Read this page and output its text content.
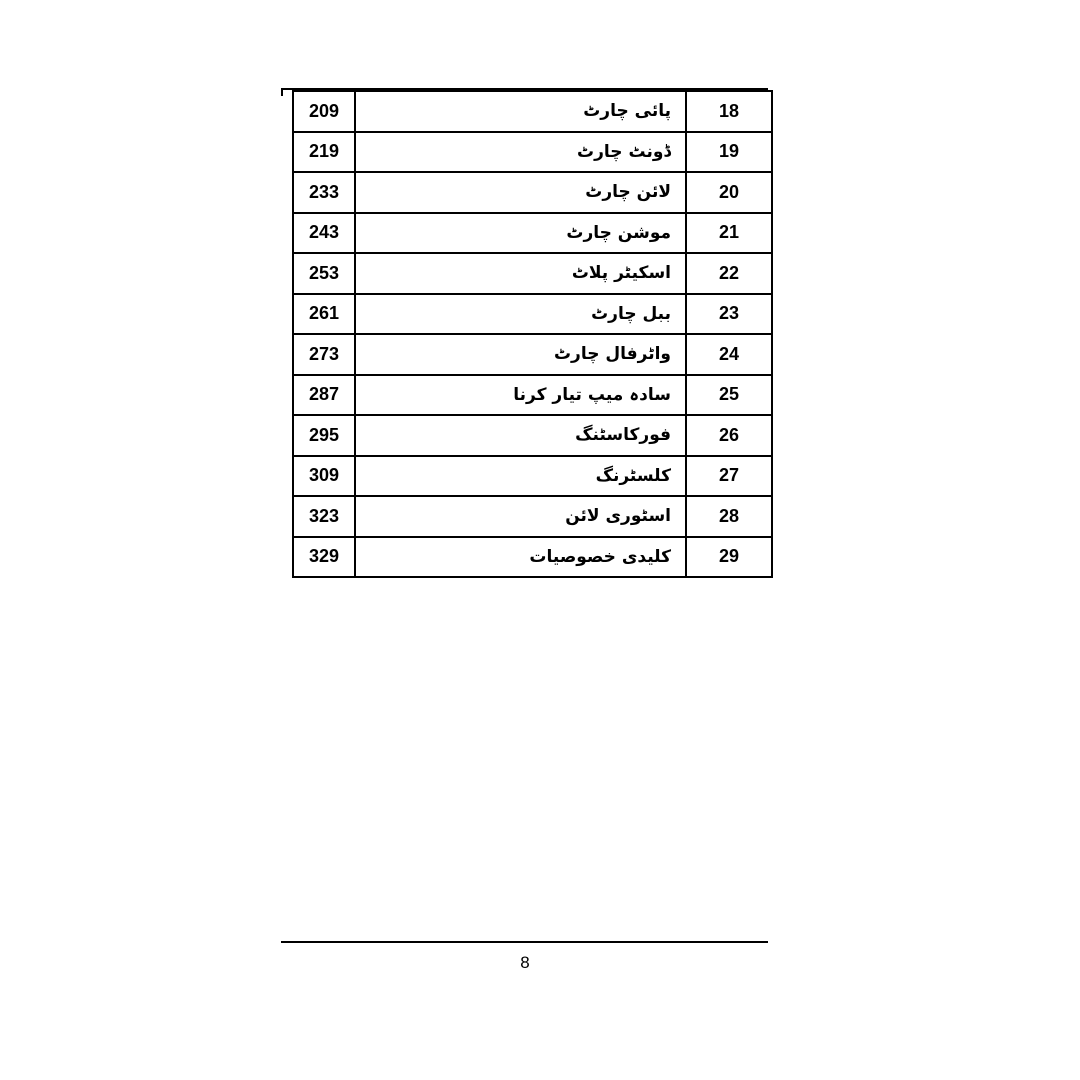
209	پائی چارٹ	18
219	ڈونٹ چارٹ	19
233	لائن چارٹ	20
243	موشن چارٹ	21
253	اسکیٹر پلاٹ	22
261	ببل چارٹ	23
273	واٹرفال چارٹ	24
287	سادہ میپ تیار کرنا	25
295	فورکاسٹنگ	26
309	کلسٹرنگ	27
323	اسٹوری لائن	28
329	کلیدی خصوصیات	29
8
